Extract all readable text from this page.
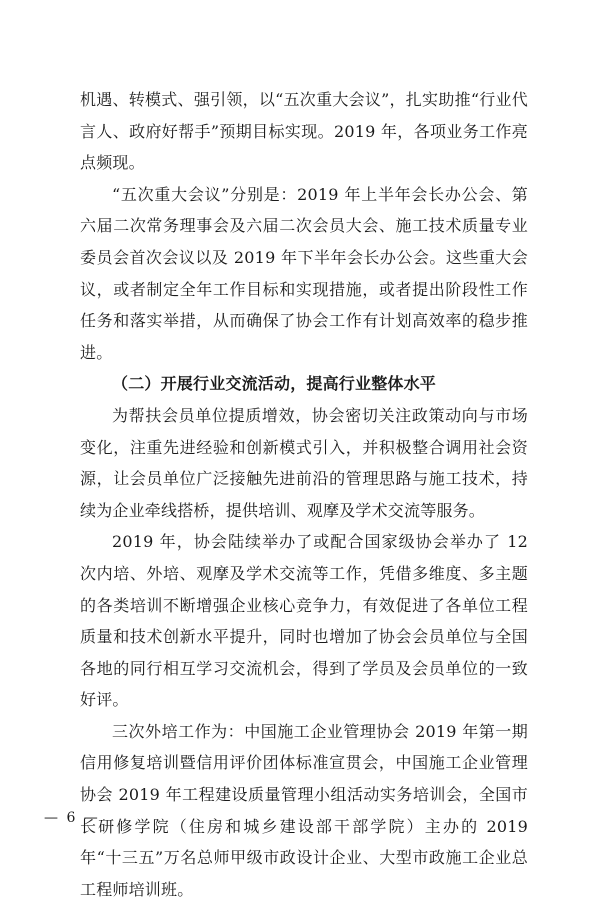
机遇、转模式、强引领，以“五次重大会议”，扎实助推“行业代言人、政府好帮手”预期目标实现。2019 年，各项业务工作亮点频现。

“五次重大会议”分别是：2019 年上半年会长办公会、第六届二次常务理事会及六届二次会员大会、施工技术质量专业委员会首次会议以及 2019 年下半年会长办公会。这些重大会议，或者制定全年工作目标和实现措施，或者提出阶段性工作任务和落实举措，从而确保了协会工作有计划高效率的稳步推进。

（二）开展行业交流活动，提高行业整体水平

为帮扶会员单位提质增效，协会密切关注政策动向与市场变化，注重先进经验和创新模式引入，并积极整合调用社会资源，让会员单位广泛接触先进前沿的管理思路与施工技术，持续为企业牵线搭桥，提供培训、观摩及学术交流等服务。

2019 年，协会陆续举办了或配合国家级协会举办了 12 次内培、外培、观摩及学术交流等工作，凭借多维度、多主题的各类培训不断增强企业核心竞争力，有效促进了各单位工程质量和技术创新水平提升，同时也增加了协会会员单位与全国各地的同行相互学习交流机会，得到了学员及会员单位的一致好评。

三次外培工作为：中国施工企业管理协会 2019 年第一期信用修复培训暨信用评价团体标准宣贯会，中国施工企业管理协会 2019 年工程建设质量管理小组活动实务培训会，全国市长研修学院（住房和城乡建设部干部学院）主办的 2019 年“十三五”万名总师甲级市政设计企业、大型市政施工企业总工程师培训班。

— 6 —
